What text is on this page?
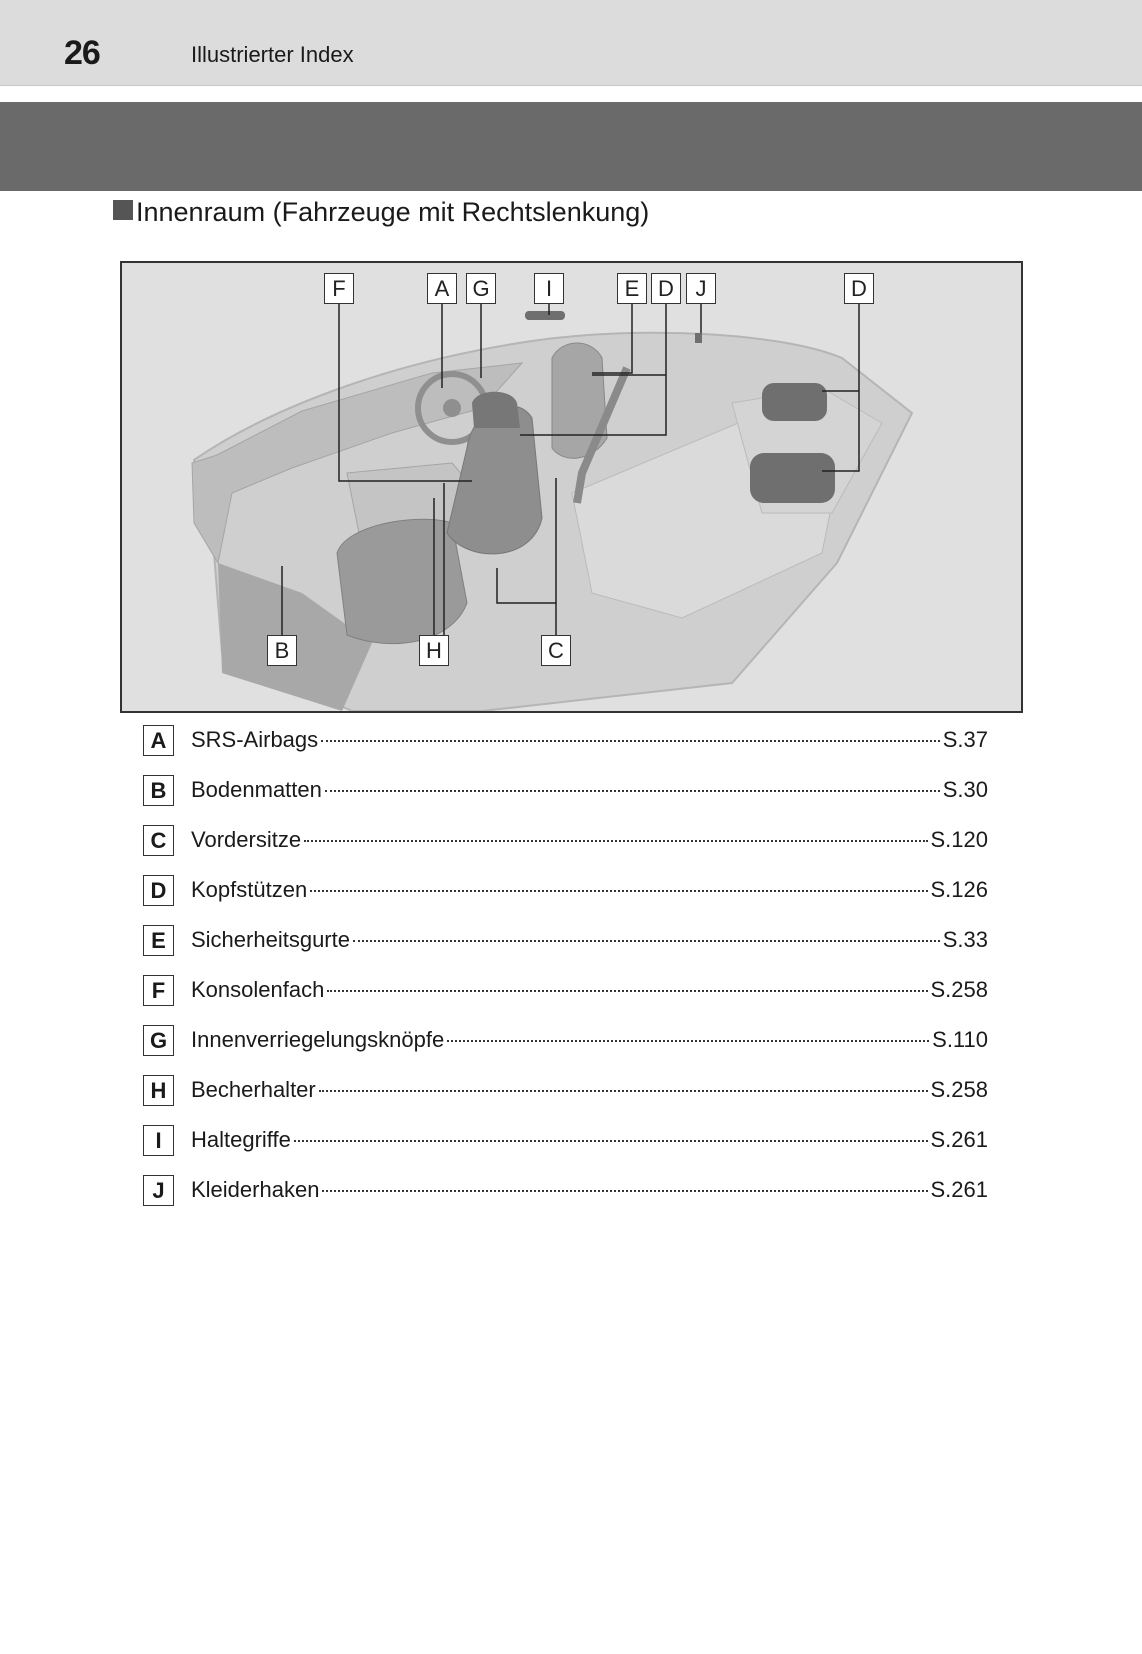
26	Illustrierter Index
Innenraum (Fahrzeuge mit Rechtslenkung)
F	A	G	I	E D J	D
B	H	C
A	SRS-Airbags	S.37
B	Bodenmatten	S.30
C	Vordersitze	S.120
D	Kopfstützen	S.126
E	Sicherheitsgurte	S.33
F	Konsolenfach	S.258
G	Innenverriegelungsknöpfe	S.110
H	Becherhalter	S.258
I	Haltegriffe	S.261
J	Kleiderhaken	S.261
